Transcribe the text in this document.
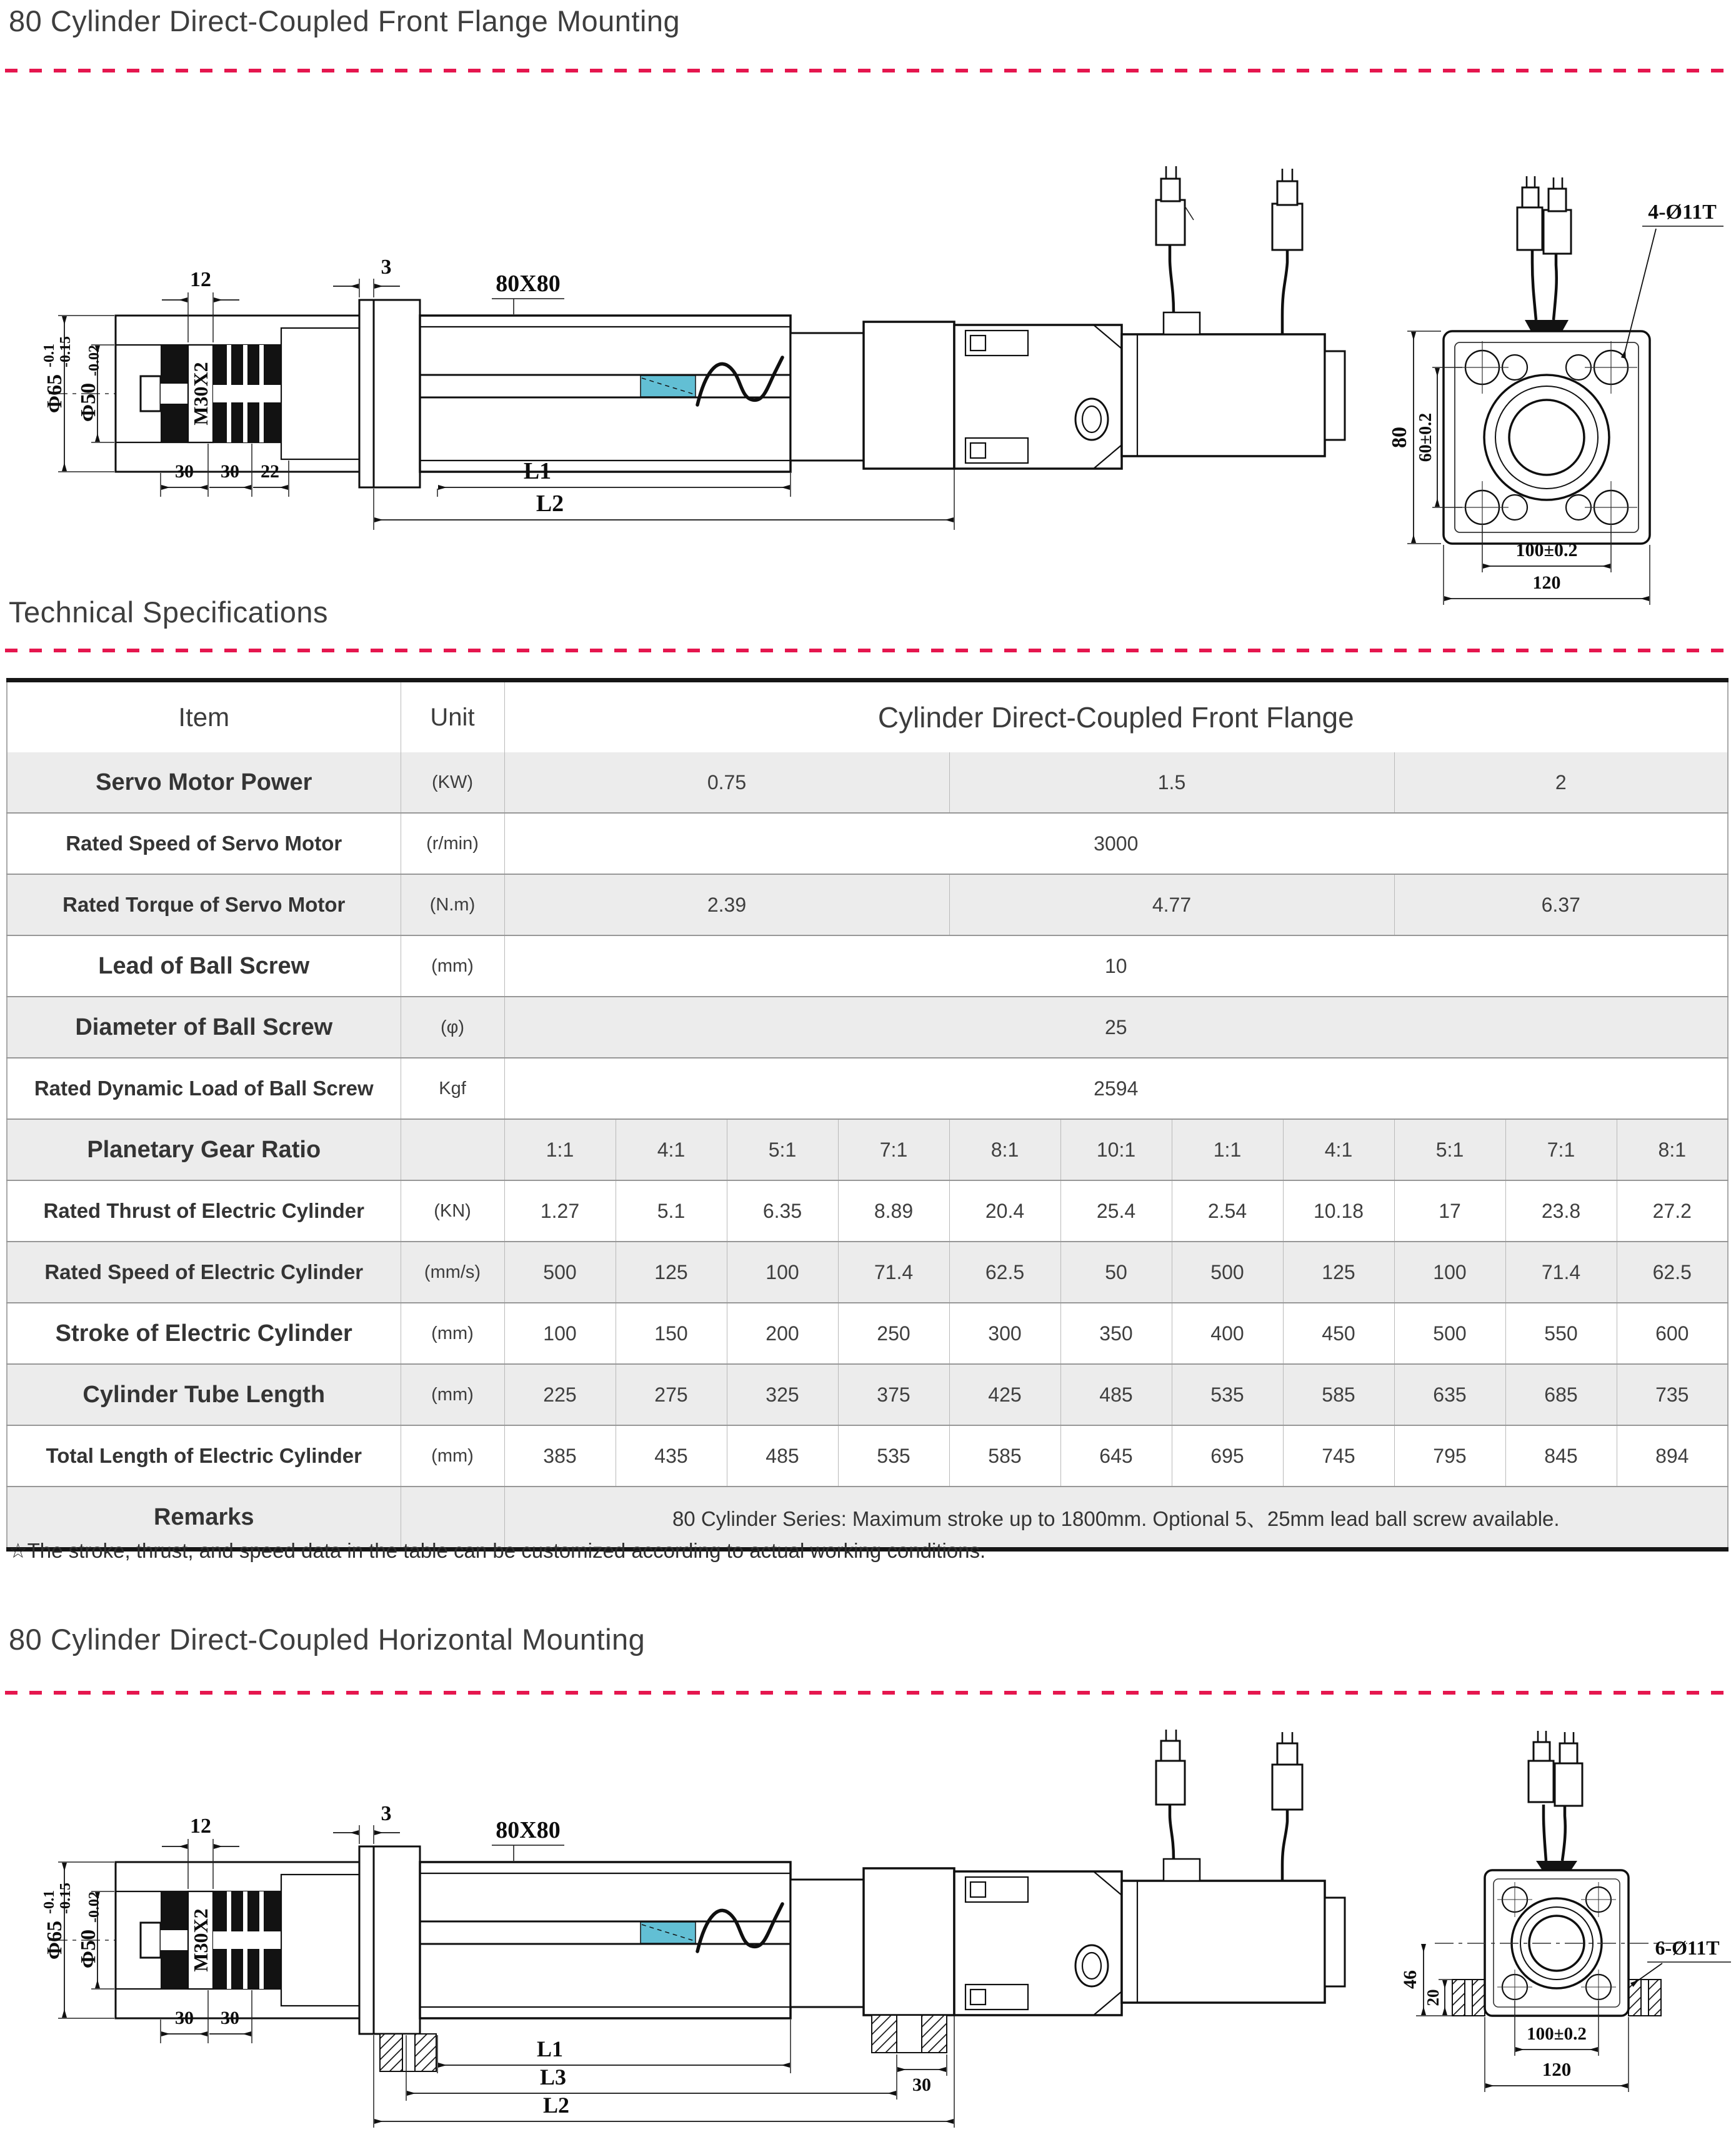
80 Cylinder Direct-Coupled Front Flange Mounting
M30X2
Φ65
-0.1 -0.15
Φ50
-0.02
12
3
80X80
30 30 22	L1
L2
4-Ø11T
80 60±0.2
100±0.2
120
Technical Specifications
Item	Unit	Cylinder Direct-Coupled Front Flange										
Servo Motor Power	(KW)	0.75				1.5				2		
Rated Speed of Servo Motor	(r/min)	3000										
Rated Torque of Servo Motor	(N.m)	2.39				4.77				6.37		
Lead of Ball Screw	(mm)	10										
Diameter of Ball Screw	(φ)	25										
Rated Dynamic Load of Ball Screw	Kgf	2594										
Planetary Gear Ratio		1:1	4:1	5:1	7:1	8:1	10:1	1:1	4:1	5:1	7:1	8:1
Rated Thrust of Electric Cylinder	(KN)	1.27	5.1	6.35	8.89	20.4	25.4	2.54	10.18	17	23.8	27.2
Rated Speed of Electric Cylinder	(mm/s)	500	125	100	71.4	62.5	50	500	125	100	71.4	62.5
Stroke of Electric Cylinder	(mm)	100	150	200	250	300	350	400	450	500	550	600
Cylinder Tube Length	(mm)	225	275	325	375	425	485	535	585	635	685	735
Total Length of Electric Cylinder	(mm)	385	435	485	535	585	645	695	745	795	845	894
Remarks		80 Cylinder Series: Maximum stroke up to 1800mm. Optional 5、25mm lead ball screw available.										
☆The stroke, thrust, and speed data in the table can be customized according to actual working conditions.
80 Cylinder Direct-Coupled Horizontal Mounting
M30X2
Φ65
-0.1 -0.15
Φ50
-0.02
12
3
80X80
30 30
30
L1
L3
L2
46
20
100±0.2
120
6-Ø11T
